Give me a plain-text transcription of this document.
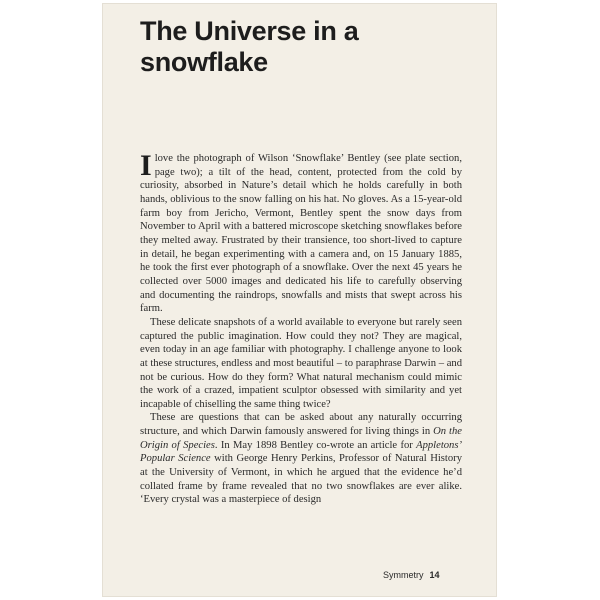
The Universe in a snowflake

Ilove the photograph of Wilson ‘Snowflake’ Bentley (see plate section, page two); a tilt of the head, content, protected from the cold by curiosity, absorbed in Nature’s detail which he holds carefully in both hands, oblivious to the snow falling on his hat. No gloves. As a 15-year-old farm boy from Jericho, Vermont, Bentley spent the snow days from November to April with a battered microscope sketching snowflakes before they melted away. Frustrated by their transience, too short-lived to capture in detail, he began experimenting with a camera and, on 15 January 1885, he took the first ever photograph of a snowflake. Over the next 45 years he collected over 5000 images and dedicated his life to carefully observing and documenting the raindrops, snowfalls and mists that swept across his farm.

These delicate snapshots of a world available to everyone but rarely seen captured the public imagination. How could they not? They are magical, even today in an age familiar with photography. I challenge anyone to look at these structures, endless and most beautiful – to paraphrase Darwin – and not be curious. How do they form? What natural mechanism could mimic the work of a crazed, impatient sculptor obsessed with similarity and yet incapable of chiselling the same thing twice?

These are questions that can be asked about any naturally occurring structure, and which Darwin famously answered for living things in On the Origin of Species. In May 1898 Bentley co-wrote an article for Appletons’ Popular Science with George Henry Perkins, Professor of Natural History at the University of Vermont, in which he argued that the evidence he’d collated frame by frame revealed that no two snowflakes are ever alike. ‘Every crystal was a masterpiece of design

Symmetry 14
